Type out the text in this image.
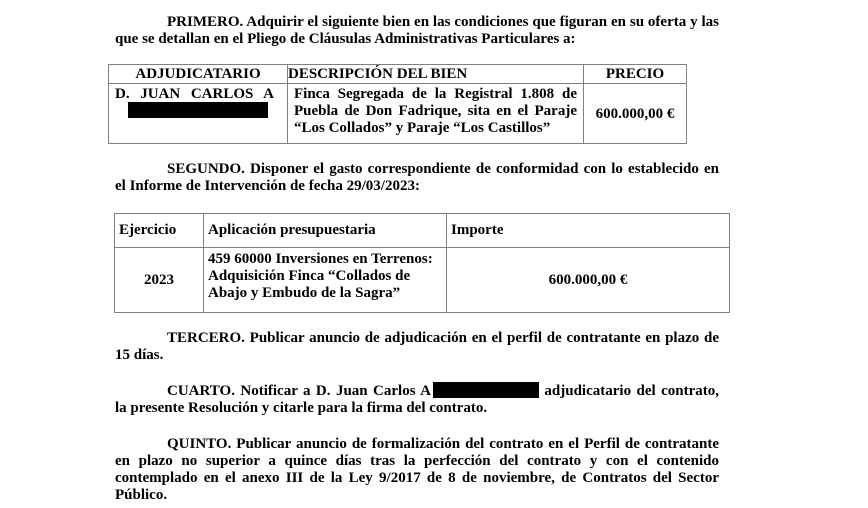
PRIMERO. Adquirir el siguiente bien en las condiciones que figuran en su oferta y las que se detallan en el Pliego de Cláusulas Administrativas Particulares a:
ADJUDICATARIO	DESCRIPCIÓN DEL BIEN	PRECIO
D. JUAN CARLOS A	Finca Segregada de la Registral 1.808 de Puebla de Don Fadrique, sita en el Paraje “Los Collados” y Paraje “Los Castillos”	600.000,00 €
SEGUNDO. Disponer el gasto correspondiente de conformidad con lo establecido en el Informe de Intervención de fecha 29/03/2023:
Ejercicio	Aplicación presupuestaria	Importe
2023	459 60000 Inversiones en Terrenos: Adquisición Finca “Collados de Abajo y Embudo de la Sagra”	600.000,00 €
TERCERO. Publicar anuncio de adjudicación en el perfil de contratante en plazo de 15 días.
CUARTO. Notificar a D. Juan Carlos A	adjudicatario del contrato, la presente Resolución y citarle para la firma del contrato.
QUINTO. Publicar anuncio de formalización del contrato en el Perfil de contratante en plazo no superior a quince días tras la perfección del contrato y con el contenido contemplado en el anexo III de la Ley 9/2017 de 8 de noviembre, de Contratos del Sector Público.
